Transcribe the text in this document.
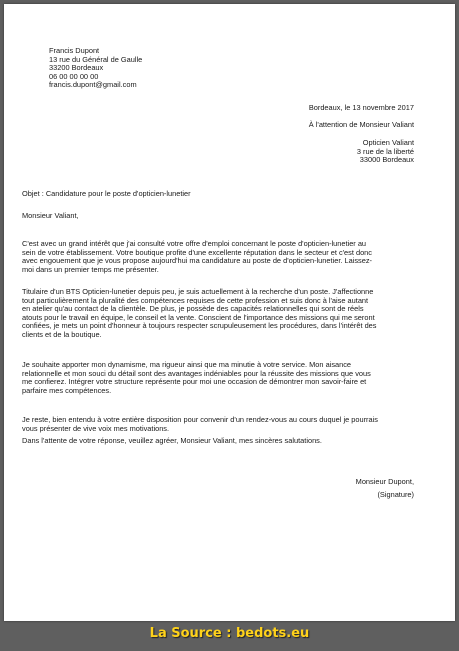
Francis Dupont
13 rue du Général de Gaulle
33200 Bordeaux
06 00 00 00 00
francis.dupont@gmail.com
Bordeaux, le 13 novembre 2017
À l'attention de Monsieur Valiant
Opticien Valiant
3 rue de la liberté
33000 Bordeaux
Objet : Candidature pour le poste d'opticien-lunetier
Monsieur Valiant,
C'est avec un grand intérêt que j'ai consulté votre offre d'emploi concernant le poste d'opticien-lunetier au
sein de votre établissement. Votre boutique profite d'une excellente réputation dans le secteur et c'est donc
avec engouement que je vous propose aujourd'hui ma candidature au poste de d'opticien-lunetier. Laissez-
moi dans un premier temps me présenter.
Titulaire d'un BTS Opticien-lunetier depuis peu, je suis actuellement à la recherche d'un poste. J'affectionne
tout particulièrement la pluralité des compétences requises de cette profession et suis donc à l'aise autant
en atelier qu'au contact de la clientèle. De plus, je possède des capacités relationnelles qui sont de réels
atouts pour le travail en équipe, le conseil et la vente. Conscient de l'importance des missions qui me seront
confiées, je mets un point d'honneur à toujours respecter scrupuleusement les procédures, dans l'intérêt des
clients et de la boutique.
Je souhaite apporter mon dynamisme, ma rigueur ainsi que ma minutie à votre service. Mon aisance
relationnelle et mon souci du détail sont des avantages indéniables pour la réussite des missions que vous
me confierez. Intégrer votre structure représente pour moi une occasion de démontrer mon savoir-faire et
parfaire mes compétences.
Je reste, bien entendu à votre entière disposition pour convenir d'un rendez-vous au cours duquel je pourrais
vous présenter de vive voix mes motivations.
Dans l'attente de votre réponse, veuillez agréer, Monsieur Valiant, mes sincères salutations.
Monsieur Dupont,
(Signature)
La Source : bedots.eu
